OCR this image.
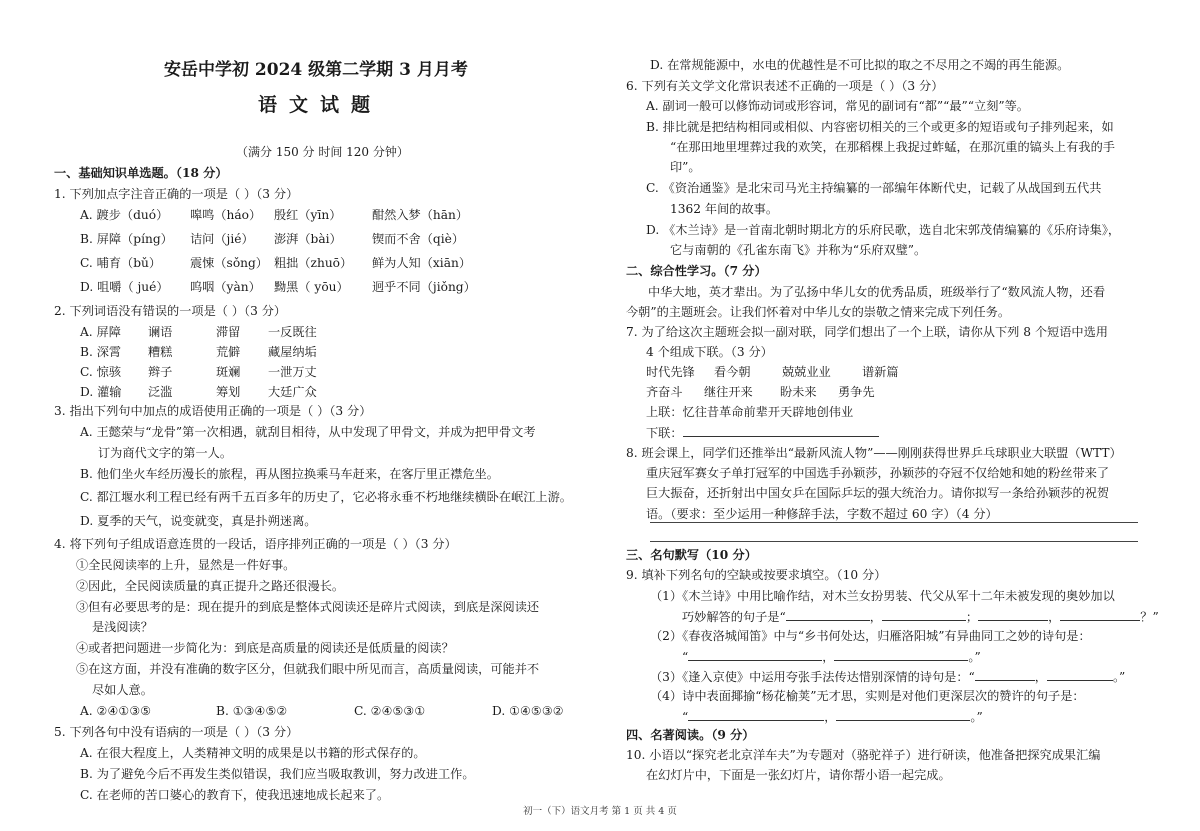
安岳中学初 2024 级第二学期 3 月月考
语文试题
（满分 150 分 时间 120 分钟）
一、基础知识单选题。（18 分）
1. 下列加点字注音正确的一项是（ ）（3 分）
A. 踱步（duó） 嗥鸣（háo） 殷红（yīn）	酣然入梦（hān）
B. 屏障（píng） 诘问（jié） 澎湃（bài） 锲而不舍（qiè）
C. 哺育（bǔ） 震悚（sǒng） 粗拙（zhuō） 鲜为人知（xiān）
D. 咀嚼（ jué） 呜咽（yàn） 黝黑（ yōu） 迥乎不同（jiǒng）
2. 下列词语没有错误的一项是（ ）（3 分）
A. 屏障 谰语	滞留 一反既往
B. 深霄 糟糕	荒僻 藏屋纳垢
C. 惊骇 辫子	斑斓 一泄万丈
D. 灌输 泛滥	筹划 大廷广众
3. 指出下列句中加点的成语使用正确的一项是（ ）（3 分）
A. 王懿荣与“龙骨”第一次相遇，就刮目相待，从中发现了甲骨文，并成为把甲骨文考
订为商代文字的第一人。
B. 他们坐火车经历漫长的旅程，再从图拉换乘马车赶来，在客厅里正襟危坐。
C. 都江堰水利工程已经有两千五百多年的历史了，它必将永垂不朽地继续横卧在岷江上游。
D. 夏季的天气，说变就变，真是扑朔迷离。
4. 将下列句子组成语意连贯的一段话，语序排列正确的一项是（ ）（3 分）
①全民阅读率的上升，显然是一件好事。
②因此，全民阅读质量的真正提升之路还很漫长。
③但有必要思考的是：现在提升的到底是整体式阅读还是碎片式阅读，到底是深阅读还
是浅阅读？
④或者把问题进一步简化为：到底是高质量的阅读还是低质量的阅读？
⑤在这方面，并没有准确的数字区分，但就我们眼中所见而言，高质量阅读，可能并不
尽如人意。
A. ②④①③⑤	B. ①③④⑤②	C. ②④⑤③①	D. ①④⑤③②
5. 下列各句中没有语病的一项是（ ）（3 分）
A. 在很大程度上，人类精神文明的成果是以书籍的形式保存的。
B. 为了避免今后不再发生类似错误，我们应当吸取教训，努力改进工作。
C. 在老师的苦口婆心的教育下，使我迅速地成长起来了。
D. 在常规能源中，水电的优越性是不可比拟的取之不尽用之不竭的再生能源。
6. 下列有关文学文化常识表述不正确的一项是（ ）（3 分）
A. 副词一般可以修饰动词或形容词，常见的副词有“都”“最”“立刻”等。
B. 排比就是把结构相同或相似、内容密切相关的三个或更多的短语或句子排列起来，如
“在那田地里埋葬过我的欢笑，在那稻棵上我捉过蚱蜢，在那沉重的镐头上有我的手
印”。
C. 《资治通鉴》是北宋司马光主持编纂的一部编年体断代史，记载了从战国到五代共
1362 年间的故事。
D. 《木兰诗》是一首南北朝时期北方的乐府民歌，选自北宋郭茂倩编纂的《乐府诗集》，
它与南朝的《孔雀东南飞》并称为“乐府双璧”。
二、综合性学习。（7 分）
中华大地，英才辈出。为了弘扬中华儿女的优秀品质，班级举行了“数风流人物，还看
今朝”的主题班会。让我们怀着对中华儿女的崇敬之情来完成下列任务。
7. 为了给这次主题班会拟一副对联，同学们想出了一个上联，请你从下列 8 个短语中选用
4 个组成下联。（3 分）
时代先锋 看今朝	兢兢业业	谱新篇
齐奋斗 继往开来 盼未来 勇争先
上联：忆往昔革命前辈开天辟地创伟业
下联：
8. 班会课上，同学们还推举出“最新风流人物”——刚刚获得世界乒乓球职业大联盟（WTT）
重庆冠军赛女子单打冠军的中国选手孙颖莎，孙颖莎的夺冠不仅给她和她的粉丝带来了
巨大振奋，还折射出中国女乒在国际乒坛的强大统治力。请你拟写一条给孙颖莎的祝贺
语。（要求：至少运用一种修辞手法，字数不超过 60 字）（4 分）
三、名句默写（10 分）
9. 填补下列名句的空缺或按要求填空。（10 分）
（1）《木兰诗》中用比喻作结，对木兰女扮男装、代父从军十二年未被发现的奥妙加以
巧妙解答的句子是“	，	；	，	？”
（2）《春夜洛城闻笛》中与“乡书何处达，归雁洛阳城”有异曲同工之妙的诗句是：
“	，	。”
（3）《逢入京使》中运用夸张手法传达惜别深情的诗句是：“	，	。”
（4）诗中表面揶揄“杨花榆荚”无才思，实则是对他们更深层次的赞许的句子是：
“	，	。”
四、名著阅读。（9 分）
10. 小语以“探究老北京洋车夫”为专题对（骆驼祥子）进行研读，他准备把探究成果汇编
在幻灯片中，下面是一张幻灯片，请你帮小语一起完成。
初一（下）语文月考 第 1 页 共 4 页
